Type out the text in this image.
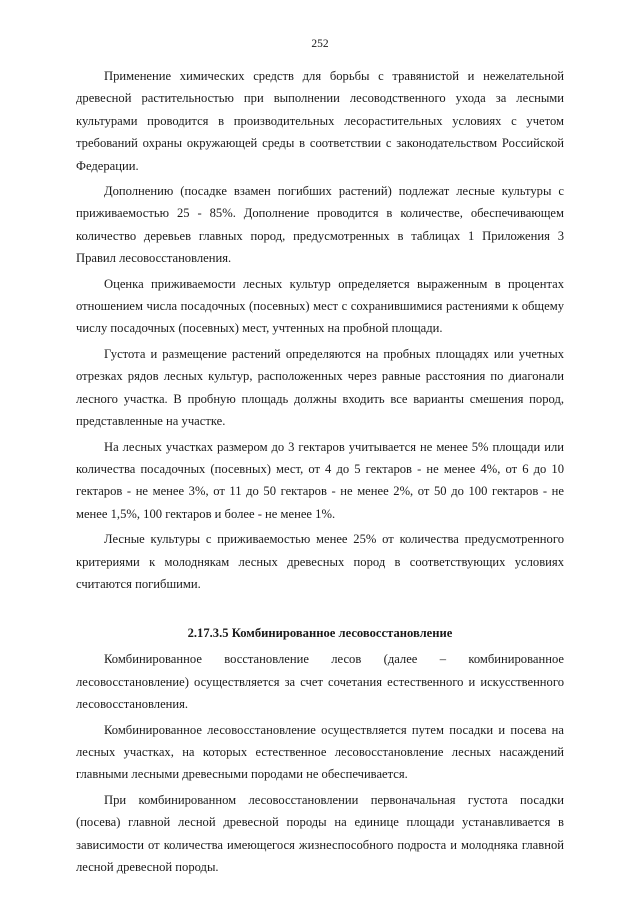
252

Применение химических средств для борьбы с травянистой и нежелательной древесной растительностью при выполнении лесоводственного ухода за лесными культурами проводится в производительных лесорастительных условиях с учетом требований охраны окружающей среды в соответствии с законодательством Российской Федерации.

Дополнению (посадке взамен погибших растений) подлежат лесные культуры с приживаемостью 25 - 85%. Дополнение проводится в количестве, обеспечивающем количество деревьев главных пород, предусмотренных в таблицах 1 Приложения 3 Правил лесовосстановления.

Оценка приживаемости лесных культур определяется выраженным в процентах отношением числа посадочных (посевных) мест с сохранившимися растениями к общему числу посадочных (посевных) мест, учтенных на пробной площади.

Густота и размещение растений определяются на пробных площадях или учетных отрезках рядов лесных культур, расположенных через равные расстояния по диагонали лесного участка. В пробную площадь должны входить все варианты смешения пород, представленные на участке.

На лесных участках размером до 3 гектаров учитывается не менее 5% площади или количества посадочных (посевных) мест, от 4 до 5 гектаров - не менее 4%, от 6 до 10 гектаров - не менее 3%, от 11 до 50 гектаров - не менее 2%, от 50 до 100 гектаров - не менее 1,5%, 100 гектаров и более - не менее 1%.

Лесные культуры с приживаемостью менее 25% от количества предусмотренного критериями к молоднякам лесных древесных пород в соответствующих условиях считаются погибшими.

2.17.3.5 Комбинированное лесовосстановление

Комбинированное восстановление лесов (далее – комбинированное лесовосстановление) осуществляется за счет сочетания естественного и искусственного лесовосстановления.

Комбинированное лесовосстановление осуществляется путем посадки и посева на лесных участках, на которых естественное лесовосстановление лесных насаждений главными лесными древесными породами не обеспечивается.

При комбинированном лесовосстановлении первоначальная густота посадки (посева) главной лесной древесной породы на единице площади устанавливается в зависимости от количества имеющегося жизнеспособного подроста и молодняка главной лесной древесной породы.
